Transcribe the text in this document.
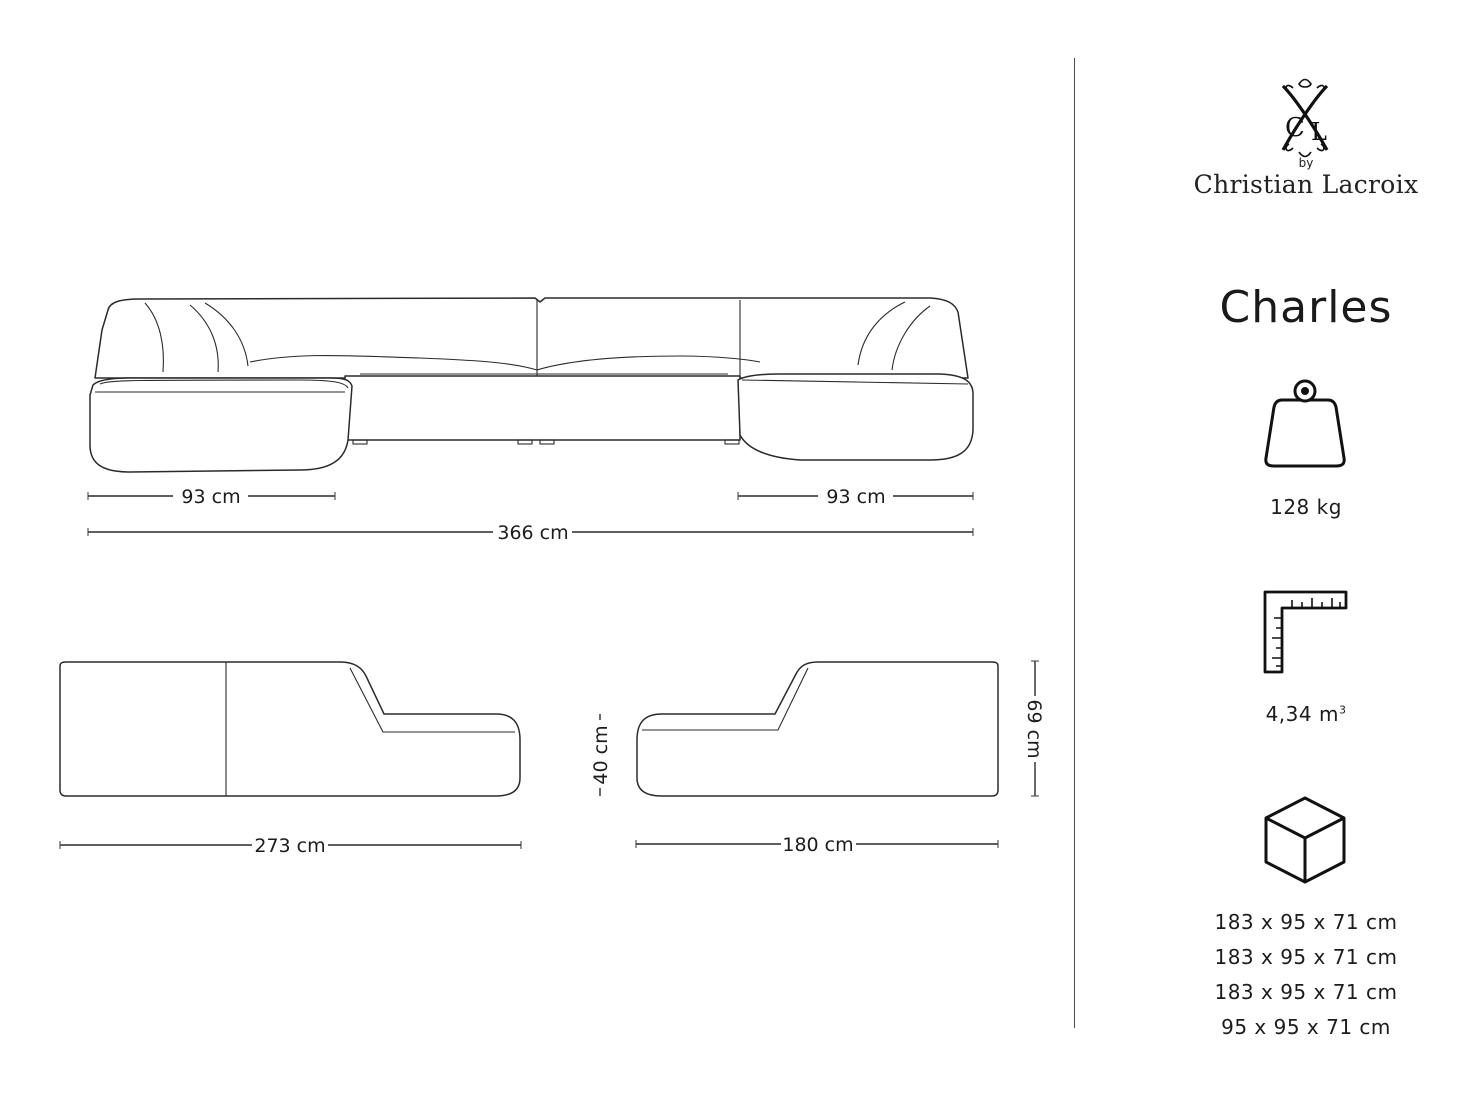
93 cm	93 cm
366 cm
273 cm
40 cm
180 cm
69 cm
C L
by
Christian Lacroix
Charles
128 kg
4,34 $m^3$
183 x 95 x 71 cm
183 x 95 x 71 cm
183 x 95 x 71 cm
95 x 95 x 71 cm
